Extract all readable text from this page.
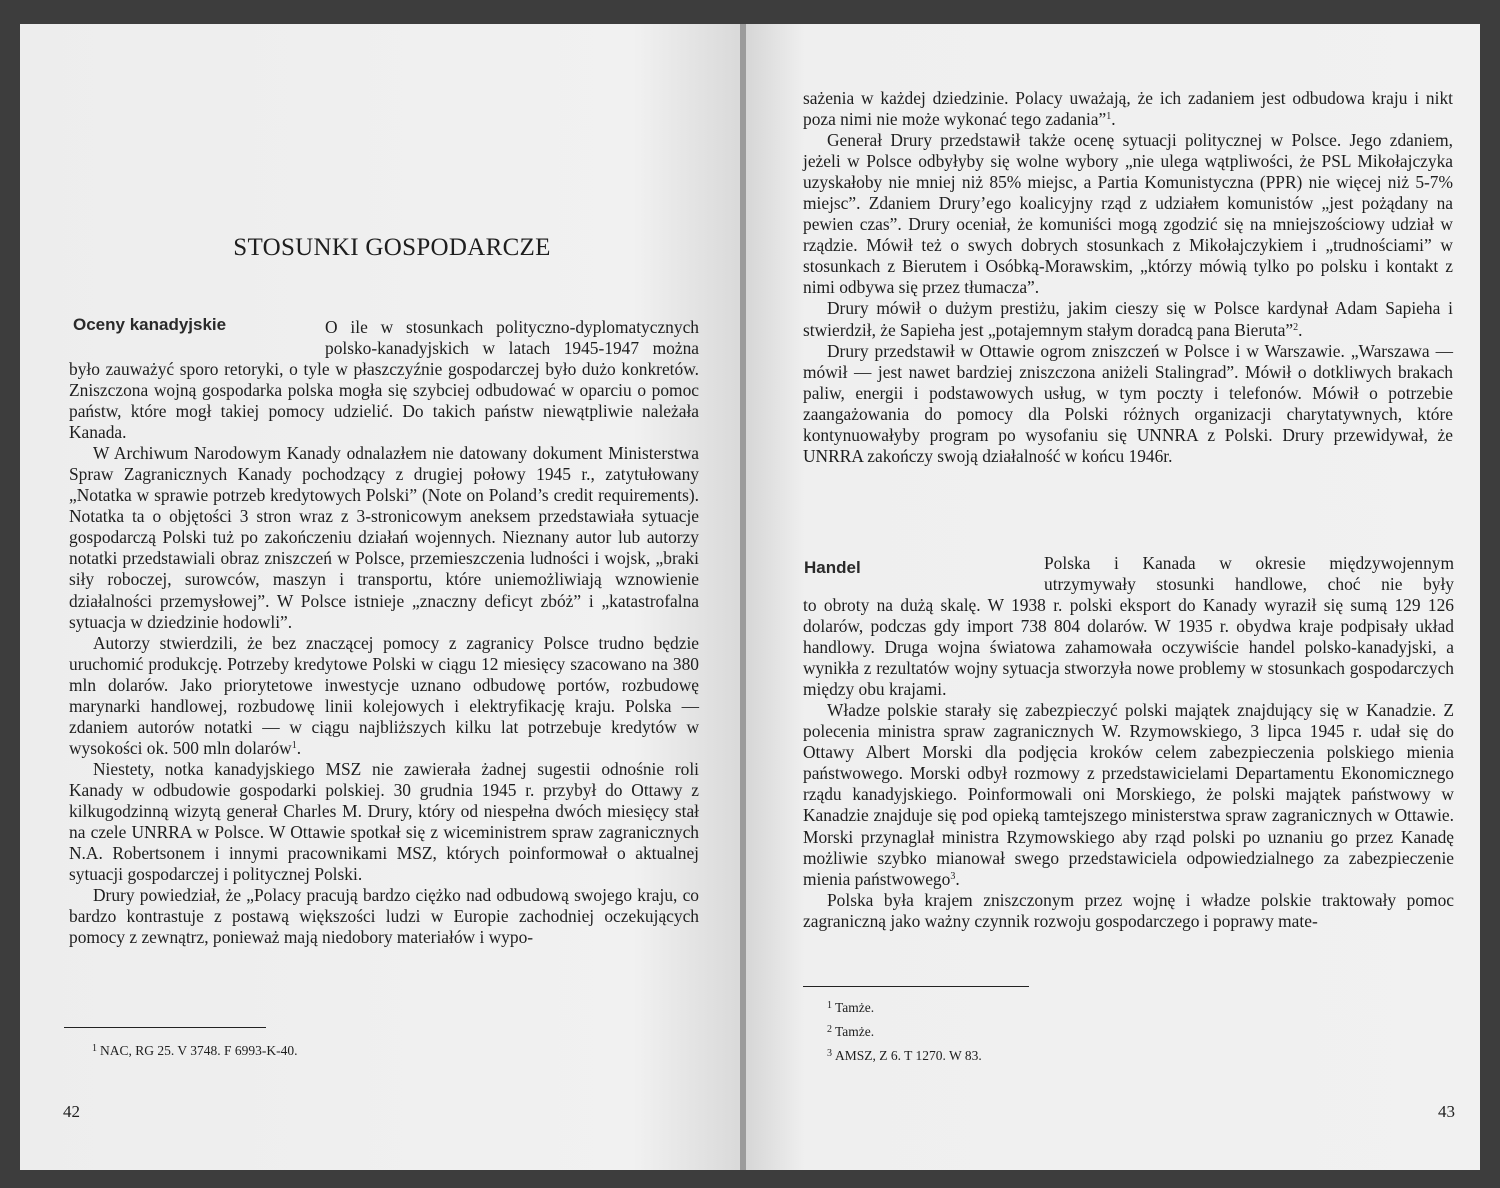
STOSUNKI GOSPODARCZE
Oceny kanadyjskie	O ile w stosunkach polityczno-dyplomatycznych
polsko-kanadyjskich w latach 1945-1947 można

było zauważyć sporo retoryki, o tyle w płaszczyźnie gospodarczej było dużo konkretów. Zniszczona wojną gospodarka polska mogła się szybciej odbudować w oparciu o pomoc państw, które mogł takiej pomocy udzielić. Do takich państw niewątpliwie należała Kanada.

W Archiwum Narodowym Kanady odnalazłem nie datowany dokument Ministerstwa Spraw Zagranicznych Kanady pochodzący z drugiej połowy 1945 r., zatytułowany „Notatka w sprawie potrzeb kredytowych Polski” (Note on Poland’s credit requirements). Notatka ta o objętości 3 stron wraz z 3-stronicowym aneksem przedstawiała sytuacje gospodarczą Polski tuż po zakończeniu działań wojennych. Nieznany autor lub autorzy notatki przedstawiali obraz zniszczeń w Polsce, przemieszczenia ludności i wojsk, „braki siły roboczej, surowców, maszyn i transportu, które uniemożliwiają wznowienie działalności przemysłowej”. W Polsce istnieje „znaczny deficyt zbóż” i „katastrofalna sytuacja w dziedzinie hodowli”.

Autorzy stwierdzili, że bez znaczącej pomocy z zagranicy Polsce trudno będzie uruchomić produkcję. Potrzeby kredytowe Polski w ciągu 12 miesięcy szacowano na 380 mln dolarów. Jako priorytetowe inwestycje uznano odbudowę portów, rozbudowę marynarki handlowej, rozbudowę linii kolejowych i elektryfikację kraju. Polska — zdaniem autorów notatki — w ciągu najbliższych kilku lat potrzebuje kredytów w wysokości ok. 500 mln dolarów$^1$.

Niestety, notka kanadyjskiego MSZ nie zawierała żadnej sugestii odnośnie roli Kanady w odbudowie gospodarki polskiej. 30 grudnia 1945 r. przybył do Ottawy z kilkugodzinną wizytą generał Charles M. Drury, który od niespełna dwóch miesięcy stał na czele UNRRA w Polsce. W Ottawie spotkał się z wiceministrem spraw zagranicznych N.A. Robertsonem i innymi pracownikami MSZ, których poinformował o aktualnej sytuacji gospodarczej i politycznej Polski.

Drury powiedział, że „Polacy pracują bardzo ciężko nad odbudową swojego kraju, co bardzo kontrastuje z postawą większości ludzi w Europie zachodniej oczekujących pomocy z zewnątrz, ponieważ mają niedobory materiałów i wypo-

$^1$ NAC, RG 25. V 3748. F 6993-K-40.
42

sażenia w każdej dziedzinie. Polacy uważają, że ich zadaniem jest odbudowa kraju i nikt poza nimi nie może wykonać tego zadania”$^1$.

Generał Drury przedstawił także ocenę sytuacji politycznej w Polsce. Jego zdaniem, jeżeli w Polsce odbyłyby się wolne wybory „nie ulega wątpliwości, że PSL Mikołajczyka uzyskałoby nie mniej niż 85% miejsc, a Partia Komunistyczna (PPR) nie więcej niż 5-7% miejsc”. Zdaniem Drury’ego koalicyjny rząd z udziałem komunistów „jest pożądany na pewien czas”. Drury oceniał, że komuniści mogą zgodzić się na mniejszościowy udział w rządzie. Mówił też o swych dobrych stosunkach z Mikołajczykiem i „trudnościami” w stosunkach z Bierutem i Osóbką-Morawskim, „którzy mówią tylko po polsku i kontakt z nimi odbywa się przez tłumacza”.

Drury mówił o dużym prestiżu, jakim cieszy się w Polsce kardynał Adam Sapieha i stwierdził, że Sapieha jest „potajemnym stałym doradcą pana Bieruta”$^2$.

Drury przedstawił w Ottawie ogrom zniszczeń w Polsce i w Warszawie. „Warszawa — mówił — jest nawet bardziej zniszczona aniżeli Stalingrad”. Mówił o dotkliwych brakach paliw, energii i podstawowych usług, w tym poczty i telefonów. Mówił o potrzebie zaangażowania do pomocy dla Polski różnych organizacji charytatywnych, które kontynuowałyby program po wysofaniu się UNNRA z Polski. Drury przewidywał, że UNRRA zakończy swoją działalność w końcu 1946r.

Handel	Polska i Kanada w okresie międzywojennym
utrzymywały stosunki handlowe, choć nie były

to obroty na dużą skalę. W 1938 r. polski eksport do Kanady wyraził się sumą 129 126 dolarów, podczas gdy import 738 804 dolarów. W 1935 r. obydwa kraje podpisały układ handlowy. Druga wojna światowa zahamowała oczywiście handel polsko-kanadyjski, a wynikła z rezultatów wojny sytuacja stworzyła nowe problemy w stosunkach gospodarczych między obu krajami.

Władze polskie starały się zabezpieczyć polski majątek znajdujący się w Kanadzie. Z polecenia ministra spraw zagranicznych W. Rzymowskiego, 3 lipca 1945 r. udał się do Ottawy Albert Morski dla podjęcia kroków celem zabezpieczenia polskiego mienia państwowego. Morski odbył rozmowy z przedstawicielami Departamentu Ekonomicznego rządu kanadyjskiego. Poinformowali oni Morskiego, że polski majątek państwowy w Kanadzie znajduje się pod opieką tamtejszego ministerstwa spraw zagranicznych w Ottawie. Morski przynaglał ministra Rzymowskiego aby rząd polski po uznaniu go przez Kanadę możliwie szybko mianował swego przedstawiciela odpowiedzialnego za zabezpieczenie mienia państwowego$^3$.

Polska była krajem zniszczonym przez wojnę i władze polskie traktowały pomoc zagraniczną jako ważny czynnik rozwoju gospodarczego i poprawy mate-

$^1$ Tamże.
$^2$ Tamże.
$^3$ AMSZ, Z 6. T 1270. W 83.
43
